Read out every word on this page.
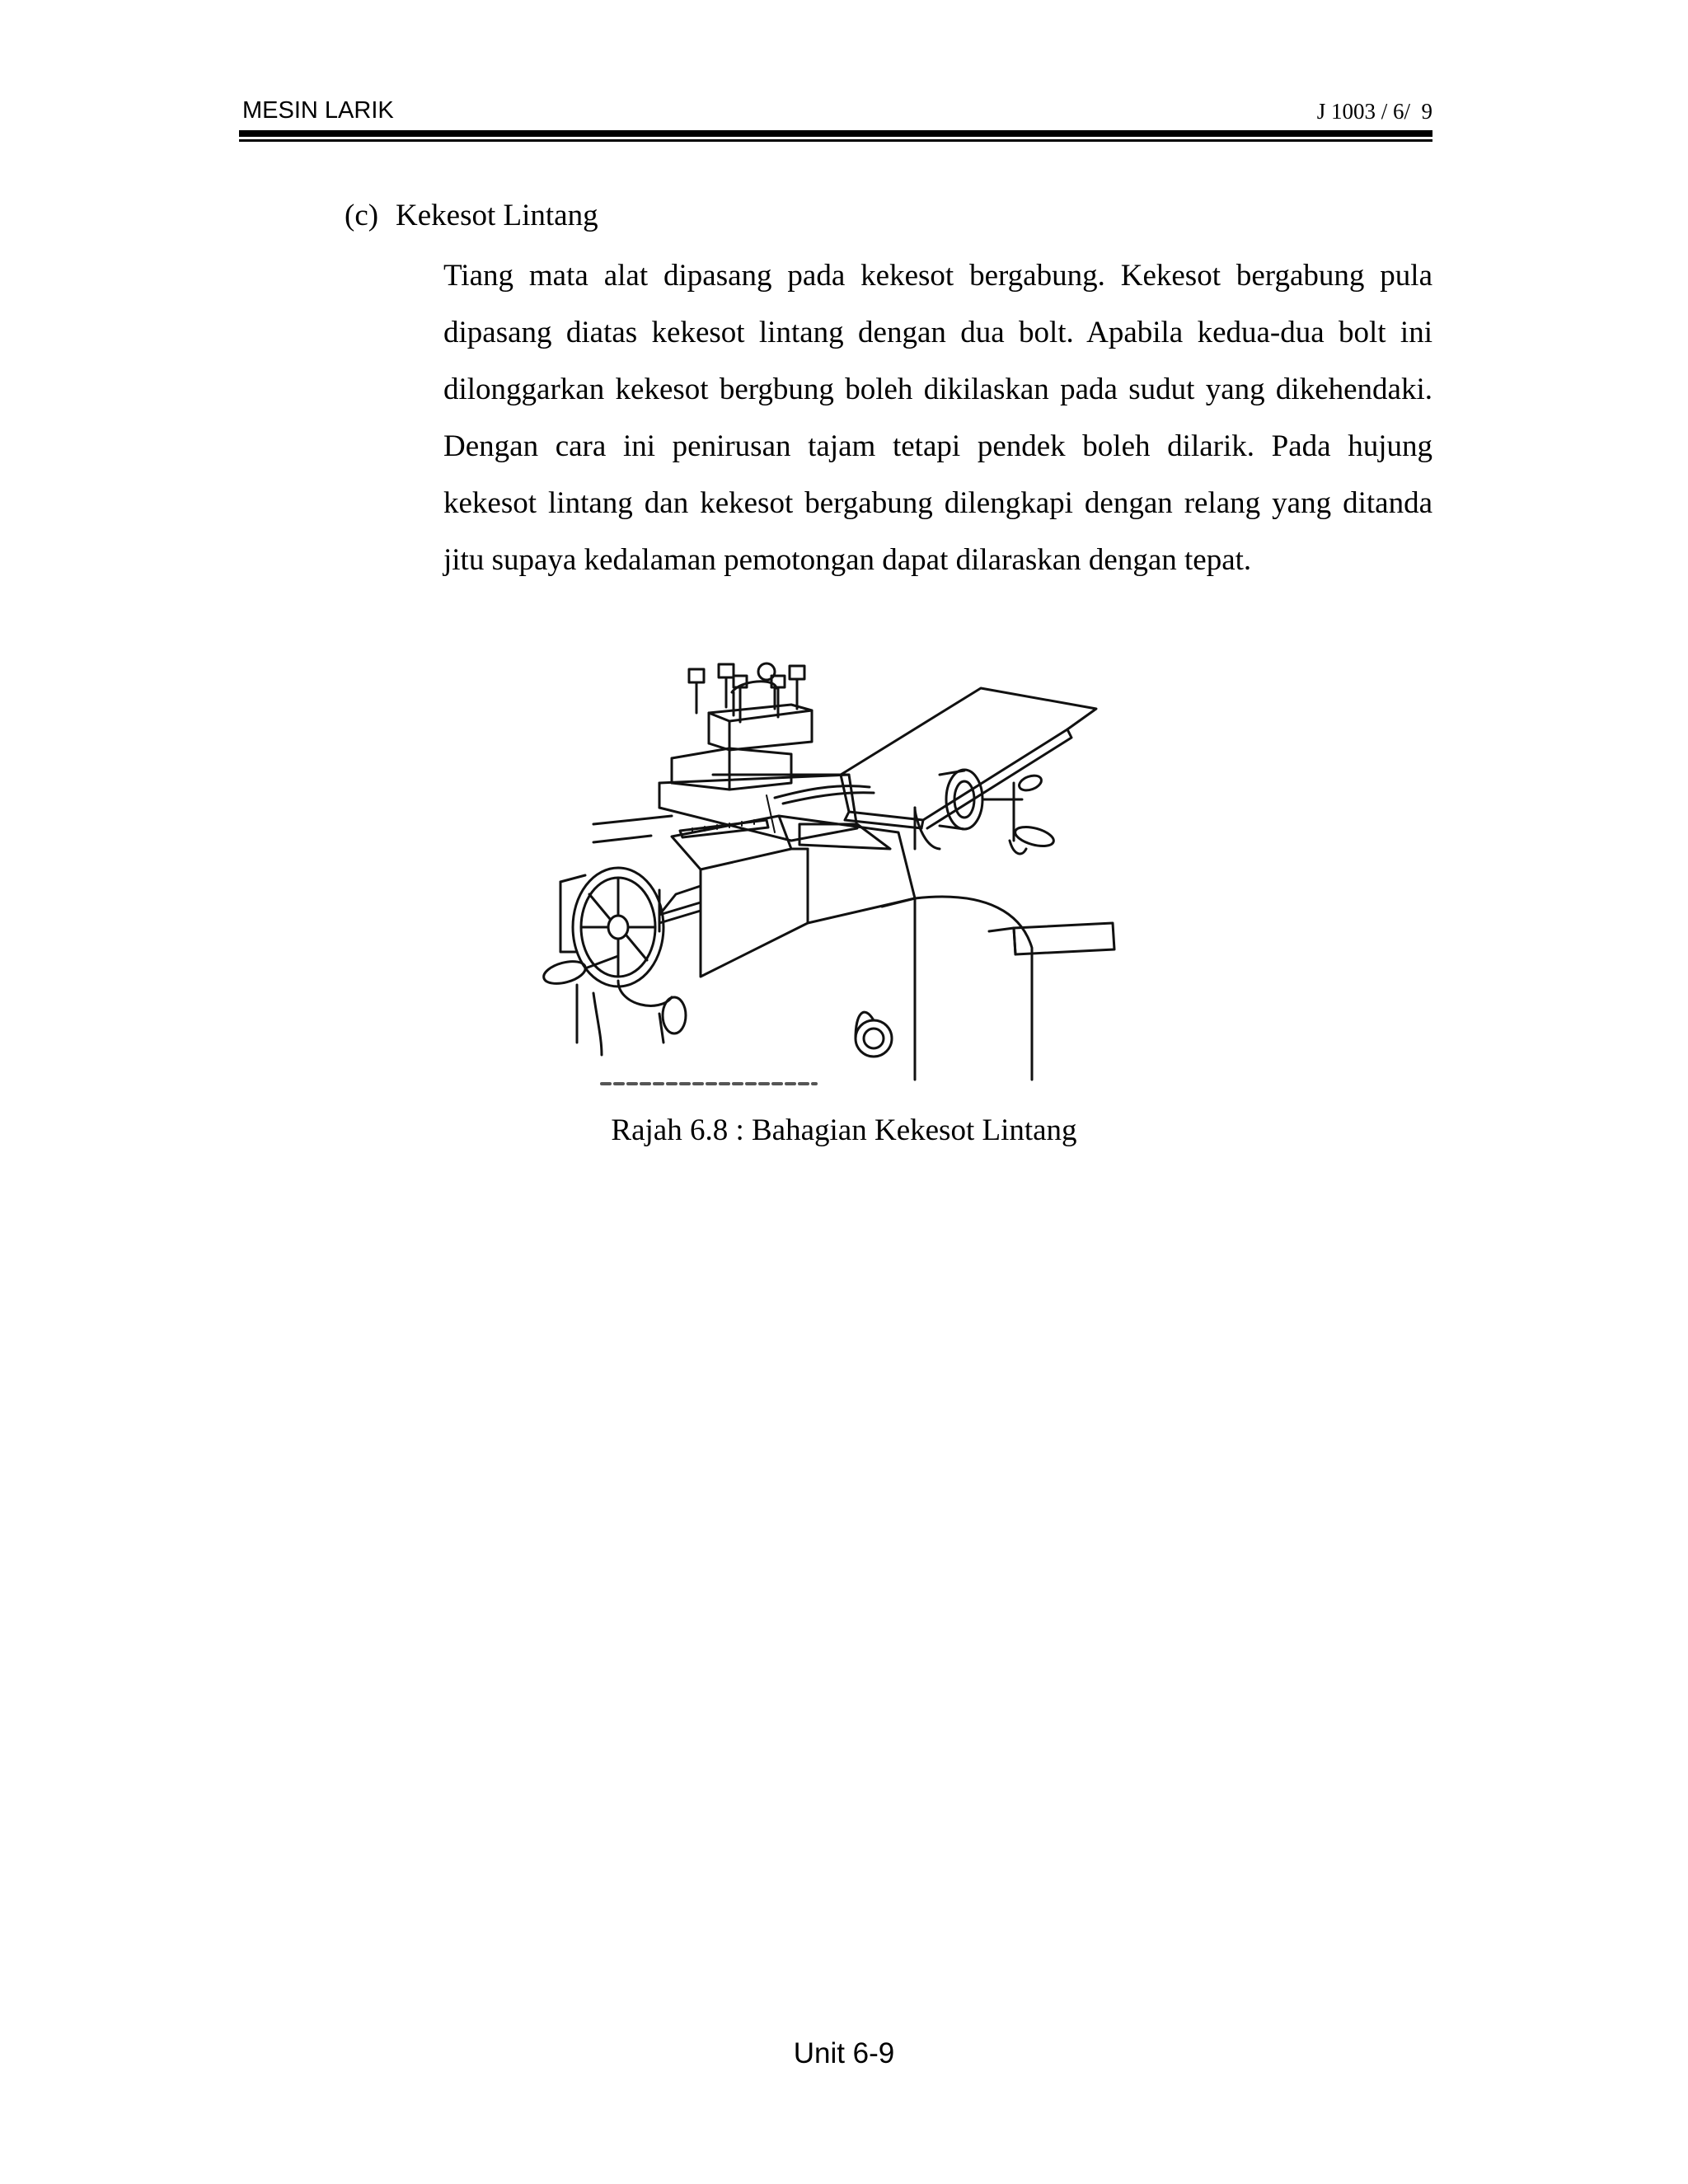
MESIN LARIK	J 1003 / 6/  9
(c) Kekesot Lintang
Tiang mata alat dipasang pada kekesot bergabung. Kekesot bergabung pula dipasang diatas kekesot lintang dengan dua bolt. Apabila kedua-dua bolt ini dilonggarkan kekesot bergbung boleh dikilaskan pada sudut yang dikehendaki. Dengan cara ini penirusan tajam tetapi pendek boleh dilarik. Pada hujung kekesot lintang dan kekesot bergabung dilengkapi dengan relang yang ditanda jitu supaya kedalaman pemotongan dapat dilaraskan dengan tepat.
Rajah 6.8 : Bahagian Kekesot Lintang
Unit 6-9
